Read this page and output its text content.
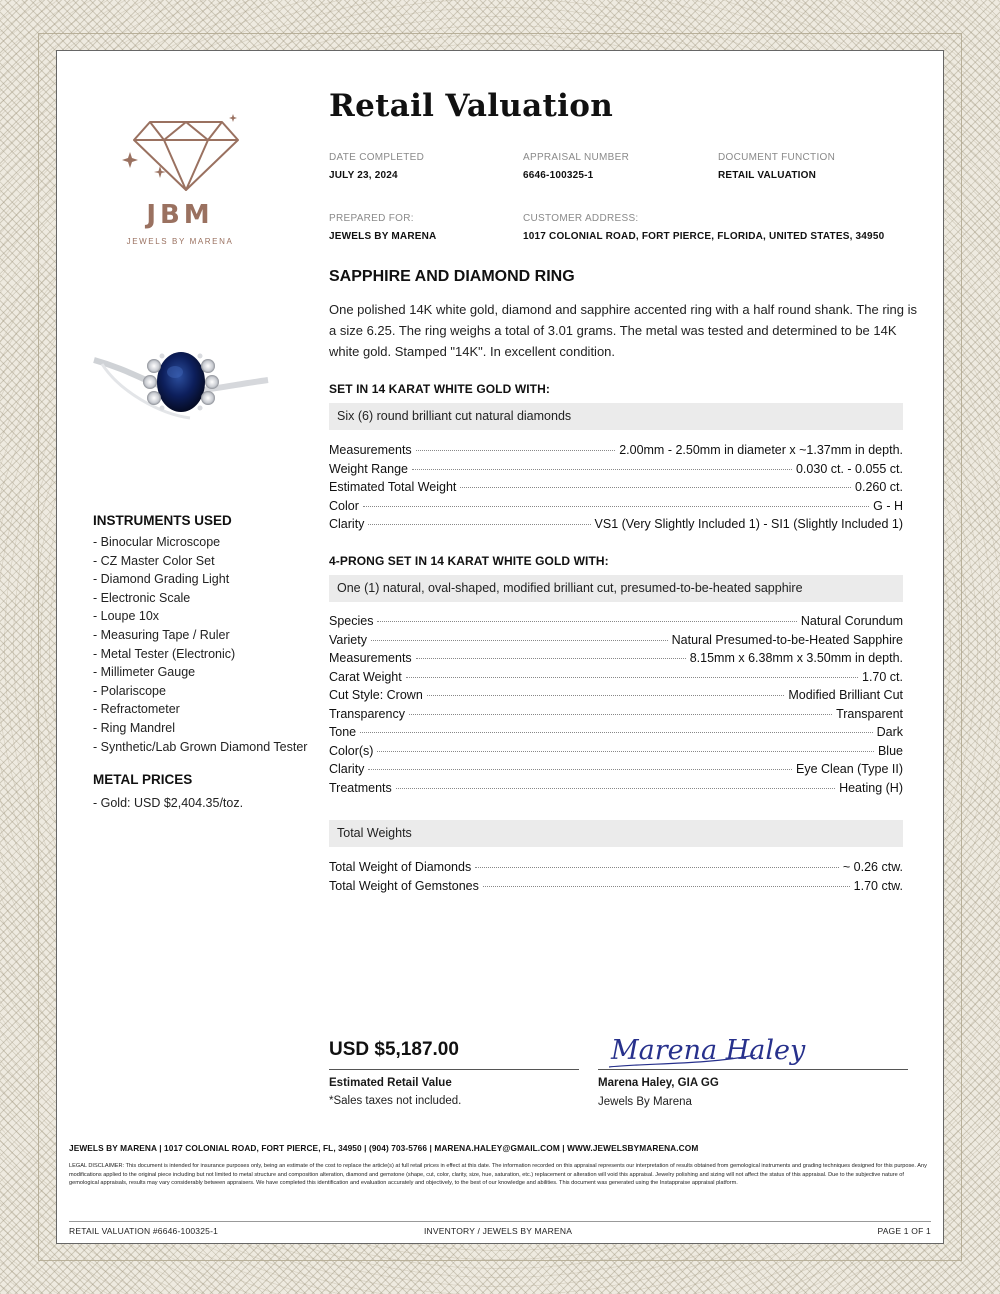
JBM
JEWELS BY MARENA
INSTRUMENTS USED
- Binocular Microscope
- CZ Master Color Set
- Diamond Grading Light
- Electronic Scale
- Loupe 10x
- Measuring Tape / Ruler
- Metal Tester (Electronic)
- Millimeter Gauge
- Polariscope
- Refractometer
- Ring Mandrel
- Synthetic/Lab Grown Diamond Tester
METAL PRICES
- Gold: USD $2,404.35/toz.
Retail Valuation
DATE COMPLETED
JULY 23, 2024
APPRAISAL NUMBER
6646-100325-1
DOCUMENT FUNCTION
RETAIL VALUATION
PREPARED FOR:
JEWELS BY MARENA
CUSTOMER ADDRESS:
1017 COLONIAL ROAD, FORT PIERCE, FLORIDA, UNITED STATES, 34950
SAPPHIRE AND DIAMOND RING
One polished 14K white gold, diamond and sapphire accented ring with a half round shank. The ring is a size 6.25. The ring weighs a total of 3.01 grams. The metal was tested and determined to be 14K white gold. Stamped "14K". In excellent condition.
SET IN 14 KARAT WHITE GOLD WITH:
Six (6) round brilliant cut natural diamonds
Measurements	2.00mm - 2.50mm in diameter x ~1.37mm in depth.
Weight Range	0.030 ct. - 0.055 ct.
Estimated Total Weight	0.260 ct.
Color	G - H
Clarity	VS1 (Very Slightly Included 1) - SI1 (Slightly Included 1)
4-PRONG SET IN 14 KARAT WHITE GOLD WITH:
One (1) natural, oval-shaped, modified brilliant cut, presumed-to-be-heated sapphire
Species	Natural Corundum
Variety	Natural Presumed-to-be-Heated Sapphire
Measurements	8.15mm x 6.38mm x 3.50mm in depth.
Carat Weight	1.70 ct.
Cut Style: Crown	Modified Brilliant Cut
Transparency	Transparent
Tone	Dark
Color(s)	Blue
Clarity	Eye Clean (Type II)
Treatments	Heating (H)
Total Weights
Total Weight of Diamonds	~ 0.26 ctw.
Total Weight of Gemstones	1.70 ctw.
USD $5,187.00
Estimated Retail Value
*Sales taxes not included.
Marena Haley
Marena Haley, GIA GG
Jewels By Marena
JEWELS BY MARENA | 1017 COLONIAL ROAD, FORT PIERCE, FL, 34950 | (904) 703-5766 | MARENA.HALEY@GMAIL.COM | WWW.JEWELSBYMARENA.COM
LEGAL DISCLAIMER: This document is intended for insurance purposes only, being an estimate of the cost to replace the article(s) at full retail prices in effect at this date. The information recorded on this appraisal represents our interpretation of results obtained from gemological instruments and grading techniques designed for this purpose. Any modifications applied to the original piece including but not limited to metal structure and composition alteration, diamond and gemstone (shape, cut, color, clarity, size, hue, saturation, etc.) replacement or alteration will void this appraisal. Jewelry polishing and sizing will not affect the status of this appraisal. Due to the subjective nature of gemological appraisals, results may vary considerably between appraisers. We have completed this identification and evaluation accurately and objectively, to the best of our knowledge and abilities. This document was generated using the Instappraise appraisal platform.
RETAIL VALUATION #6646-100325-1	INVENTORY / JEWELS BY MARENA	PAGE 1 OF 1
